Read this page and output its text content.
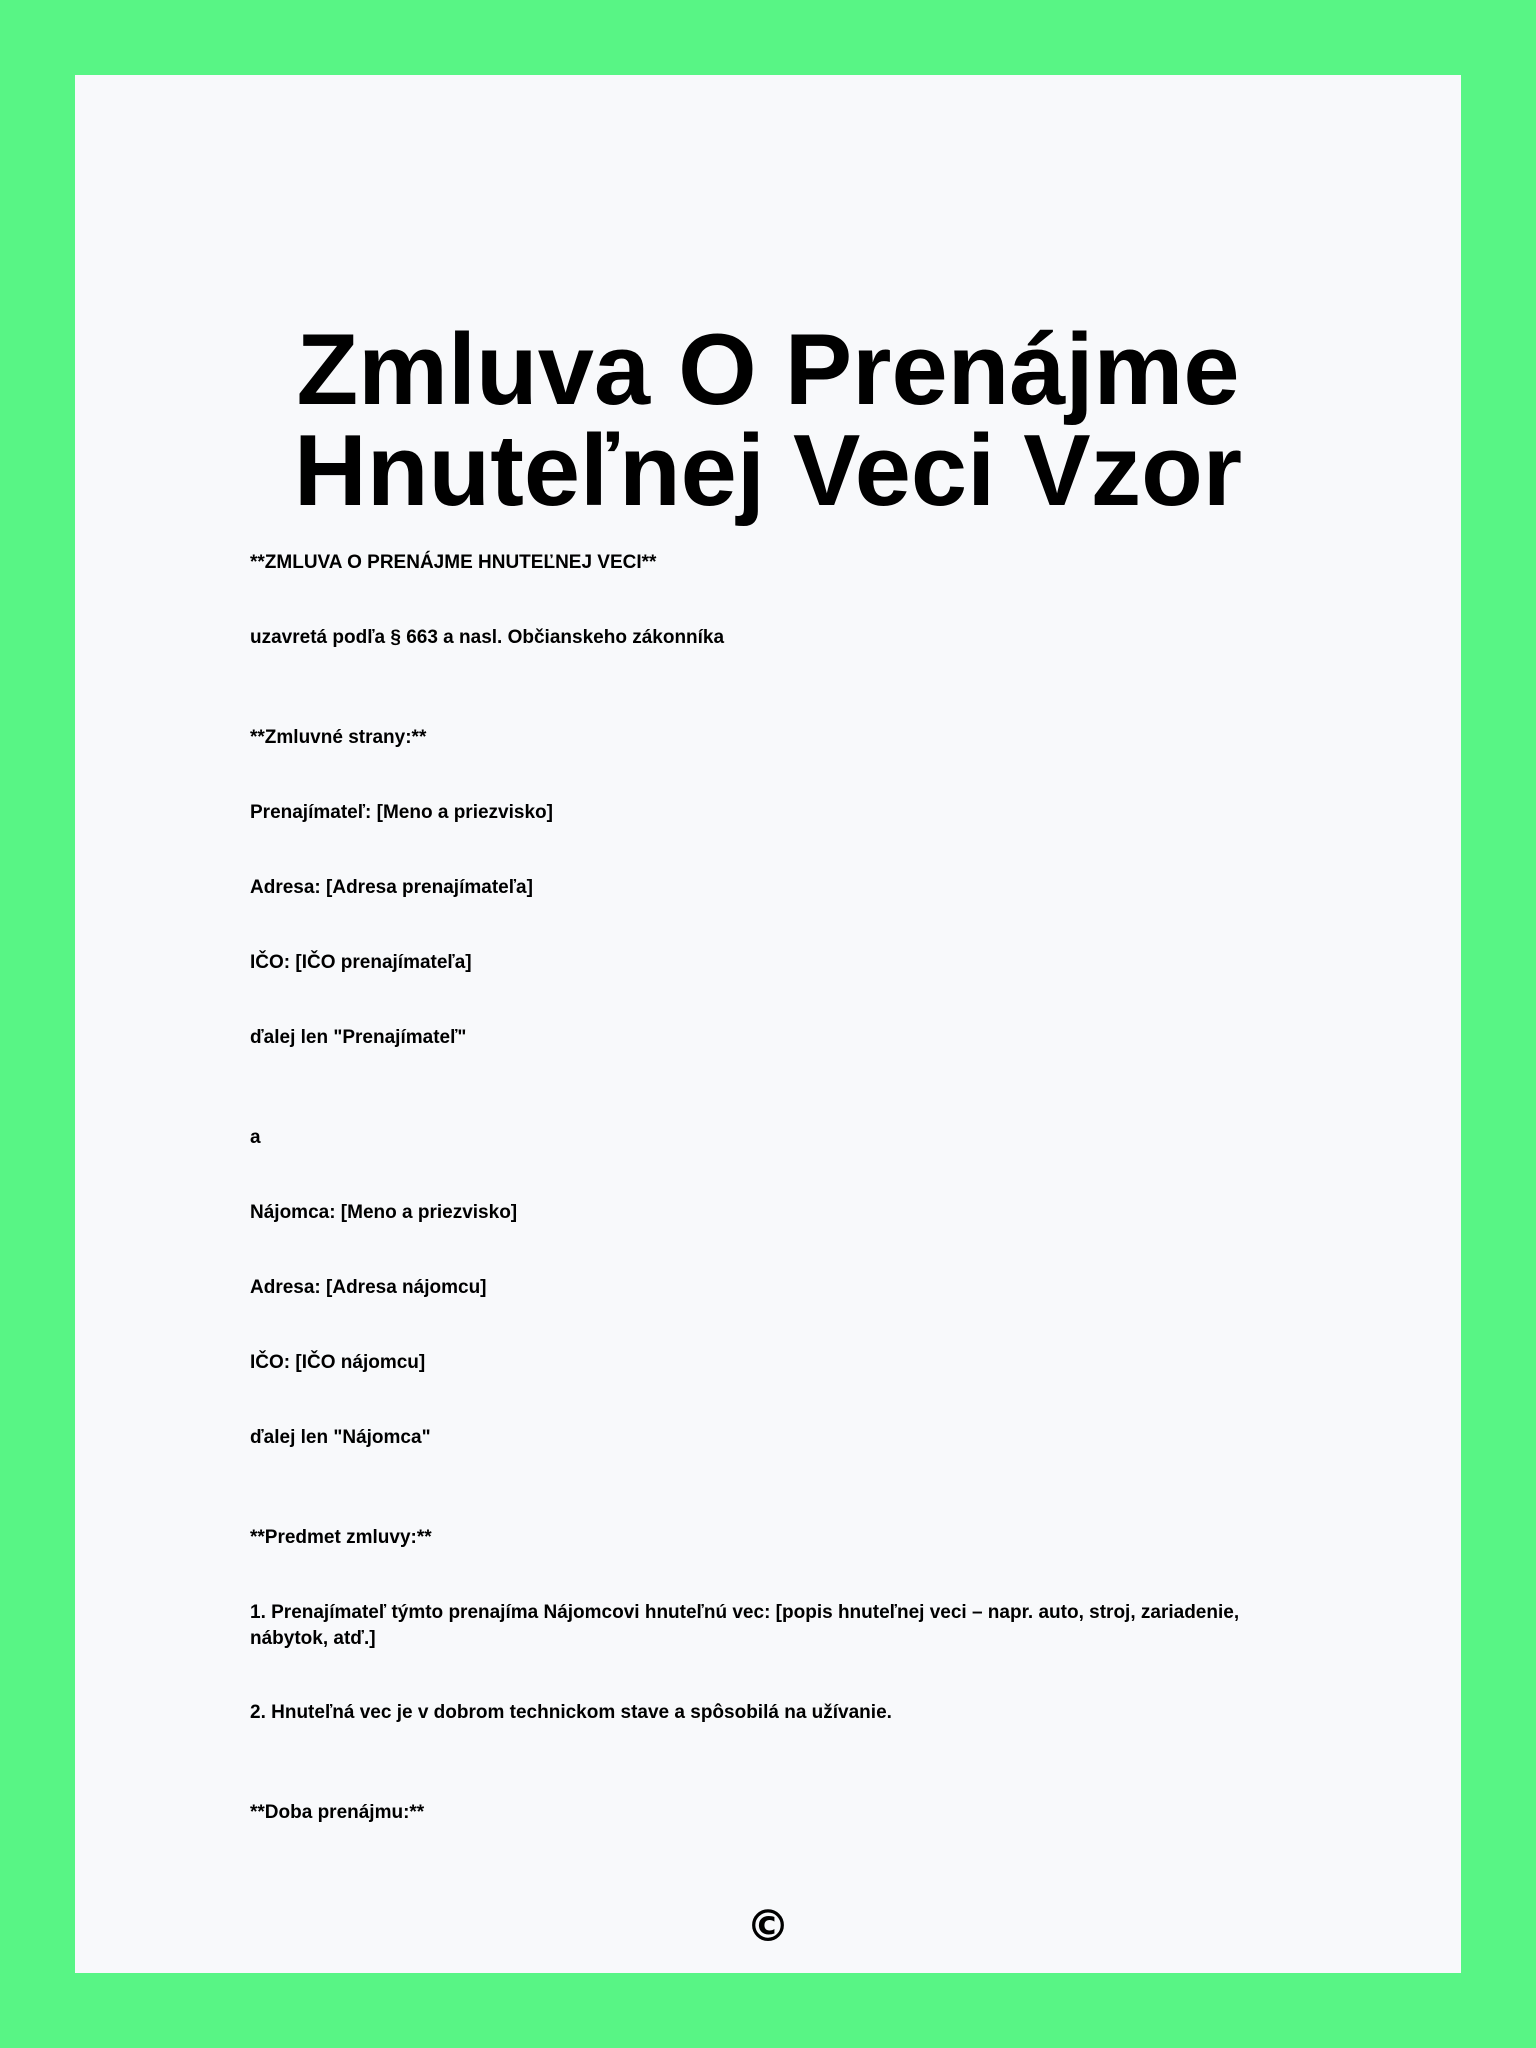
Zmluva O Prenájme Hnuteľnej Veci Vzor

**ZMLUVA O PRENÁJME HNUTEĽNEJ VECI**

uzavretá podľa § 663 a nasl. Občianskeho zákonníka

**Zmluvné strany:**

Prenajímateľ: [Meno a priezvisko]

Adresa: [Adresa prenajímateľa]

IČO: [IČO prenajímateľa]

ďalej len "Prenajímateľ"

a

Nájomca: [Meno a priezvisko]

Adresa: [Adresa nájomcu]

IČO: [IČO nájomcu]

ďalej len "Nájomca"

**Predmet zmluvy:**

1. Prenajímateľ týmto prenajíma Nájomcovi hnuteľnú vec: [popis hnuteľnej veci – napr. auto, stroj, zariadenie, nábytok, atď.]

2. Hnuteľná vec je v dobrom technickom stave a spôsobilá na užívanie.

**Doba prenájmu:**

©
